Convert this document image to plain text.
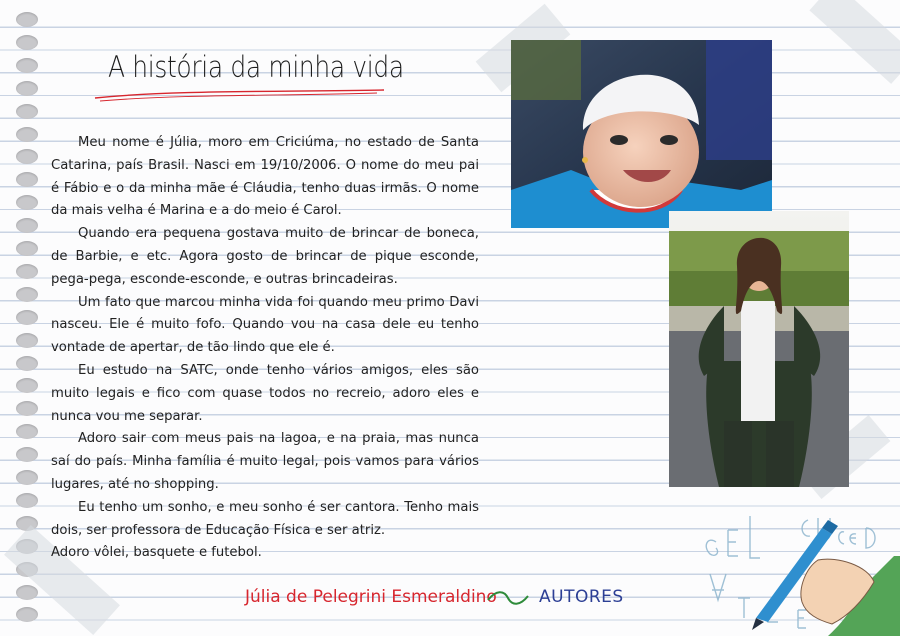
A história da minha vida

Meu nome é Júlia, moro em Criciúma, no estado de Santa Catarina, país Brasil. Nasci em 19/10/2006. O nome do meu pai é Fábio e o da minha mãe é Cláudia, tenho duas irmãs. O nome da mais velha é Marina e a do meio é Carol.

Quando era pequena gostava muito de brincar de boneca, de Barbie, e etc. Agora gosto de brincar de pique esconde, pega-pega, esconde-esconde, e outras brincadeiras.

Um fato que marcou minha vida foi quando meu primo Davi nasceu. Ele é muito fofo. Quando vou na casa dele eu tenho vontade de apertar, de tão lindo que ele é.

Eu estudo na SATC, onde tenho vários amigos, eles são muito legais e fico com quase todos no recreio, adoro eles e nunca vou me separar.

Adoro sair com meus pais na lagoa, e na praia, mas nunca saí do país. Minha família é muito legal, pois vamos para vários lugares, até no shopping.

Eu tenho um sonho, e meu sonho é ser cantora. Tenho mais dois, ser professora de Educação Física e ser atriz.

Adoro vôlei, basquete e futebol.

Júlia de Pelegrini Esmeraldino AUTORES
